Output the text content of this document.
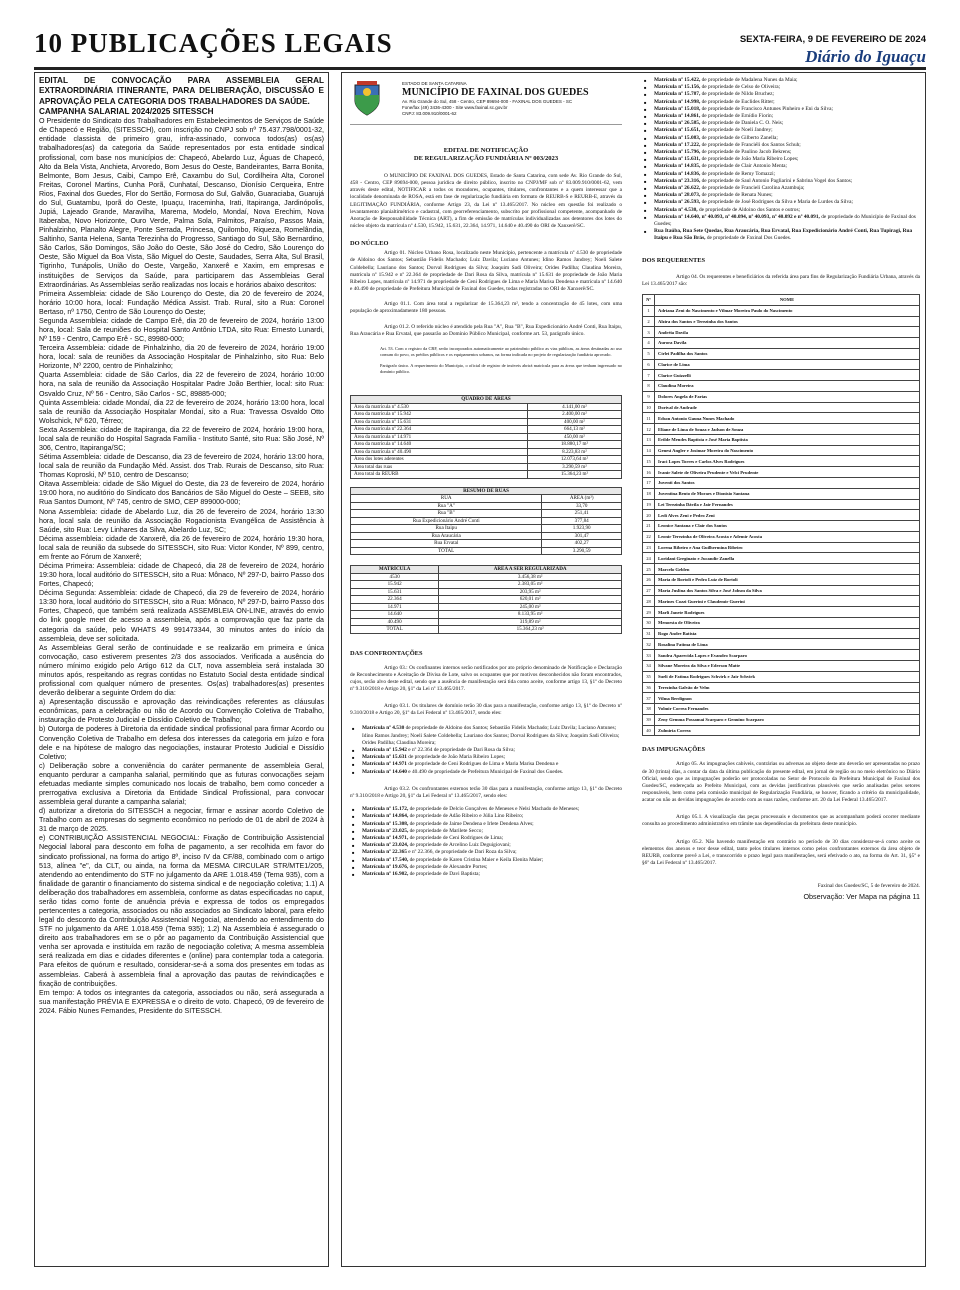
10 PUBLICAÇÕES LEGAIS	SEXTA-FEIRA, 9 DE FEVEREIRO DE 2024
Diário do Iguaçu
EDITAL DE CONVOCAÇÃO PARA ASSEMBLEIA GERAL EXTRAORDINÁRIA ITINERANTE, PARA DELIBERAÇÃO, DISCUSSÃO E APROVAÇÃO PELA CATEGORIA DOS TRABALHADORES DA SAÚDE.
CAMPANHA SALARIAL 2024/2025 SITESSCH

O Presidente do Sindicato dos Trabalhadores em Estabelecimentos de Serviços de Saúde de Chapecó e Região, (SITESSCH), com inscrição no CNPJ sob nº 75.437.798/0001-32, entidade classista de primeiro grau, infra-assinado, convoca todos(as) os(as) trabalhadores(as) da categoria da Saúde representados por esta entidade sindical profissional, com base nos municípios de: Chapecó, Abelardo Luz, Águas de Chapecó, Alto da Bela Vista, Anchieta, Arvoredo, Bom Jesus do Oeste, Bandeirantes, Barra Bonita, Belmonte, Bom Jesus, Caibi, Campo Erê, Caxambu do Sul, Cordilheira Alta, Coronel Freitas, Coronel Martins, Cunha Porã, Cunhataí, Descanso, Dionísio Cerqueira, Entre Rios, Faxinal dos Guedes, Flor do Sertão, Formosa do Sul, Galvão, Guaraciaba, Guarujá do Sul, Guatambu, Iporã do Oeste, Ipuaçu, Iraceminha, Irati, Itapiranga, Jardinópolis, Jupiá, Lajeado Grande, Maravilha, Marema, Modelo, Mondaí, Nova Erechim, Nova Itaberaba, Novo Horizonte, Ouro Verde, Palma Sola, Palmitos, Paraíso, Passos Maia, Pinhalzinho, Planalto Alegre, Ponte Serrada, Princesa, Quilombo, Riqueza, Romelândia, Saltinho, Santa Helena, Santa Terezinha do Progresso, Santiago do Sul, São Bernardino, São Carlos, São Domingos, São João do Oeste, São José do Cedro, São Lourenço do Oeste, São Miguel da Boa Vista, São Miguel do Oeste, Saudades, Serra Alta, Sul Brasil, Tigrinho, Tunápolis, União do Oeste, Vargeão, Xanxerê e Xaxim, em empresas e instituições de Serviços da Saúde, para participarem das Assembleias Geral Extraordinárias. As Assembleias serão realizadas nos locais e horários abaixo descritos:

Primeira Assembleia: cidade de São Lourenço do Oeste, dia 20 de fevereiro de 2024, horário 10:00 hora, local: Fundação Médica Assist. Trab. Rural, sito a Rua: Coronel Bertaso, nº 1750, Centro de São Lourenço do Oeste;

Segunda Assembleia: cidade de Campo Erê, dia 20 de fevereiro de 2024, horário 13:00 hora, local: Sala de reuniões do Hospital Santo Antônio LTDA, sito Rua: Ernesto Lunardi, Nº 159 - Centro, Campo Erê - SC, 89980-000;

Terceira Assembleia: cidade de Pinhalzinho, dia 20 de fevereiro de 2024, horário 19:00 hora, local: sala de reuniões da Associação Hospitalar de Pinhalzinho, sito Rua: Belo Horizonte, Nº 2200, centro de Pinhalzinho;

Quarta Assembleia: cidade de São Carlos, dia 22 de fevereiro de 2024, horário 10:00 hora, na sala de reunião da Associação Hospitalar Padre João Berthier, local: sito Rua: Osvaldo Cruz, Nº 56 - Centro, São Carlos - SC, 89885-000;

Quinta Assembleia: cidade Mondaí, dia 22 de fevereiro de 2024, horário 13:00 hora, local sala de reunião da Associação Hospitalar Mondaí, sito a Rua: Travessa Osvaldo Otto Wolschick, Nº 620, Térreo;

Sexta Assembleia: cidade de Itapiranga, dia 22 de fevereiro de 2024, horário 19:00 hora, local sala de reunião do Hospital Sagrada Família - Instituto Santé, sito Rua: São José, Nº 306, Centro, Itapiranga/SC;

Sétima Assembleia: cidade de Descanso, dia 23 de fevereiro de 2024, horário 13:00 hora, local sala de reunião da Fundação Méd. Assist. dos Trab. Rurais de Descanso, sito Rua: Thomas Koproski, Nº 510, centro de Descanso;

Oitava Assembleia: cidade de São Miguel do Oeste, dia 23 de fevereiro de 2024, horário 19:00 hora, no auditório do Sindicato dos Bancários de São Miguel do Oeste – SEEB, sito Rua Santos Dumont, Nº 745, centro de SMO, CEP 899000-000;

Nona Assembleia: cidade de Abelardo Luz, dia 26 de fevereiro de 2024, horário 13:30 hora, local sala de reunião da Associação Rogacionista Evangélica de Assistência à Saúde, sito Rua: Levy Linhares da Silva, Abelardo Luz, SC;

Décima assembleia: cidade de Xanxerê, dia 26 de fevereiro de 2024, horário 19:30 hora, local sala de reunião da subsede do SITESSCH, sito Rua: Victor Konder, Nº 899, centro, em frente ao Fórum de Xanxerê;

Décima Primeira: Assembleia: cidade de Chapecó, dia 28 de fevereiro de 2024, horário 19:30 hora, local auditório do SITESSCH, sito a Rua: Mônaco, Nº 297-D, bairro Passo dos Fortes, Chapecó;

Décima Segunda: Assembleia: cidade de Chapecó, dia 29 de fevereiro de 2024, horário 13:30 hora, local auditório do SITESSCH, sito a Rua: Mônaco, Nº 297-D, bairro Passo dos Fortes, Chapecó, que também será realizada ASSEMBLEIA ON-LINE, através do envio do link google meet de acesso a assembleia, após a comprovação que faz parte da categoria da saúde, pelo WHATS 49 991473344, 30 minutos antes do início da assembleia, deve ser solicitada.

As Assembleias Geral serão de continuidade e se realizarão em primeira e única convocação, caso estiverem presentes 2/3 dos associados. Verificada a ausência do número mínimo exigido pelo Artigo 612 da CLT, nova assembleia será instalada 30 minutos após, respeitando as regras contidas no Estatuto Social desta entidade sindical profissional com qualquer número de presentes. Os(as) trabalhadores(as) presentes deverão deliberar a seguinte Ordem do dia:

a) Apresentação discussão e aprovação das reivindicações referentes as cláusulas econômicas, para a celebração ou não de Acordo ou Convenção Coletiva de Trabalho, instauração de Protesto Judicial e Dissídio Coletivo de Trabalho;

b) Outorga de poderes à Diretoria da entidade sindical profissional para firmar Acordo ou Convenção Coletiva de Trabalho em defesa dos interesses da categoria em juízo e fora dele e na hipótese de malogro das negociações, instaurar Protesto Judicial e Dissídio Coletivo;

c) Deliberação sobre a conveniência do caráter permanente de assembleia Geral, enquanto perdurar a campanha salarial, permitindo que as futuras convocações sejam efetuadas mediante simples comunicado nos locais de trabalho, bem como conceder a prerrogativa exclusiva a Diretoria da Entidade Sindical Profissional, para convocar assembleia geral durante a campanha salarial;

d) autorizar a diretoria do SITESSCH a negociar, firmar e assinar acordo Coletivo de Trabalho com as empresas do segmento econômico no período de 01 de abril de 2024 à 31 de março de 2025.

e) CONTRIBUIÇÃO ASSISTENCIAL NEGOCIAL: Fixação de Contribuição Assistencial Negocial laboral para desconto em folha de pagamento, a ser recolhida em favor do sindicato profissional, na forma do artigo 8º, inciso IV da CF/88, combinado com o artigo 513, alínea "e", da CLT, ou ainda, na forma da MESMA CIRCULAR STR/MTE1/205, atendendo ao entendimento do STF no julgamento da ARE 1.018.459 (Tema 935), com a finalidade de garantir o financiamento do sistema sindical e de negociação coletiva; 1.1) A deliberação dos trabalhadores em assembleia, conforme as datas especificadas no caput, serão tidas como fonte de anuência prévia e expressa de todos os empregados pertencentes a categoria, associados ou não associados ao Sindicato laboral, para efeito legal do desconto da Contribuição Assistencial Negocial, atendendo ao entendimento do STF no julgamento da ARE 1.018.459 (Tema 935); 1.2) Na Assembleia é assegurado o direito aos trabalhadores em se o pôr ao pagamento da Contribuição Assistencial que venha ser aprovada e instituída em razão de negociação coletiva; A mesma assembleia será realizada em dias e cidades diferentes e (online) para contemplar toda a categoria. Para efeitos de quórum e resultado, considerar-se-á a soma dos presentes em todas as assembleias. Caberá à assembleia final a aprovação das pautas de reivindicações e fixação de contribuições.

Em tempo: A todos os integrantes da categoria, associados ou não, será assegurada a sua manifestação PRÉVIA E EXPRESSA e o direito de voto. Chapecó, 09 de fevereiro de 2024. Fábio Nunes Fernandes, Presidente do SITESSCH.

ESTADO DE SANTA CATARINA
MUNICÍPIO DE FAXINAL DOS GUEDES
Av. Rio Grande do Sul, 458 - Centro, CEP 89694-000 - FAXINAL DOS GUEDES - SC
Fone/fax (49) 3436-4300 - Site www.faxinal.sc.gov.br
CNPJ: 83.009.910/0001-62
EDITAL DE NOTIFICAÇÃO
DE REGULARIZAÇÃO FUNDIÁRIA Nº 003/2023

O MUNICÍPIO DE FAXINAL DOS GUEDES, Estado de Santa Catarina, com sede Av. Rio Grande do Sul, 458 - Centro, CEP 89694-000, pessoa jurídica de direito público, inscrito no CNPJ/MF sob nº 83.009.910/0001-62, vem através deste edital, NOTIFICAR a todos os moradores, ocupantes, titulares, confrontantes e a quem interessar que a localidade denominada de ROSA, está em fase de regularização fundiária em formato de REURB-S e REURB-E, através da LEGITIMAÇÃO FUNDIÁRIA, conforme Artigo 23, da Lei nº 13.465/2017. No núcleo em questão foi realizado o levantamento planialtimétrico e cadastral, com georreferenciamento, subscrito por profissional competente, acompanhado de Anotação de Responsabilidade Técnica (ART), a fim de emissão de matrículas individualizadas aos detentores dos lotes do núcleo objeto da matrícula nº 4.530, 15.942, 15.631, 22.364, 14.971, 14.640 e 40.490 do ORI de Xanxerê/SC.

DO NÚCLEO

Artigo 01. Núcleo Urbano Rosa, localizado neste Município, pertencente a matrícula nº 4.530 de propriedade de Aldoino dos Santos; Sebastião Fidelis Machado; Luiz Davila; Luciano Antunes; Idino Ramos Jandrey; Noeli Salete Coldebella; Lauriano dos Santos; Dorval Rodrigues da Silva; Joaquim Sadi Oliveira; Orides Padilha; Claudina Moreira, matrícula nº 15.942 e nº 22.364 de propriedade de Dari Rosa da Silva, matrícula nº 15.631 de propriedade de João Maria Ribeiro Lopes, matrícula nº 14.971 de propriedade de Ceni Rodrigues de Lima e Maria Marisa Dendena e matrícula nº 14.640 e 40.490 de propriedade de Prefeitura Municipal de Faxinal dos Guedes, todas registradas no ORI de Xanxerê/SC.

Artigo 01.1. Com área total a regularizar de 15.364,23 m², tendo a concentração de 45 lotes, com uma população de aproximadamente 180 pessoas.

Artigo 01.2. O referido núcleo é atendido pela Rua "A", Rua "B", Rua Expedicionário André Conti, Rua Itaipu, Rua Araucária e Rua Ervatal, que passarão ao Domínio Público Municipal, conforme art. 53, parágrafo único.

Art. 53. Com o registro da CRF, serão incorporados automaticamente ao patrimônio público as vias públicas, as áreas destinadas ao uso comum do povo, os prédios públicos e os equipamentos urbanos, na forma indicada no projeto de regularização fundiária aprovado.

Parágrafo único. A requerimento do Município, o oficial de registro de imóveis abrirá matrícula para as áreas que tenham ingressado no domínio público.

QUADRO DE ÁREAS	
Área da matrícula nº 4.530	4.141,00 m²
Área da matrícula nº 15.942	2.400,00 m²
Área da matrícula nº 15.631	400,00 m²
Área da matrícula nº 22.364	664,13 m²
Área da matrícula nº 14.971	450,00 m²
Área da matrícula nº 14.640	18.880,17 m²
Área da matrícula nº 40.490	8.223,83 m²
Área dos lotes aderentes	12.073,64 m²
Área total das ruas	3.290,59 m²
Área total da REURB	15.364,23 m²
RESUMO DE RUAS	
RUA	ÁREA (m²)
Rua "A"	33,70
Rua "B"	251,41
Rua Expedicionário André Conti	377,84
Rua Itaipu	1.923,90
Rua Araucária	301,47
Rua Ervatal	402,27
TOTAL	3.290,59
MATRÍCULA	ÁREA A SER REGULARIZADA
4530	3.456,38 m²
15.942	2.383,05 m²
15.631	203,95 m²
22.364	620,01 m²
14.971	245,00 m²
14.640	8.133,95 m²
40.490	319,89 m²
TOTAL	15.364,23 m²
DAS CONFRONTAÇÕES

Artigo 03.: Os confinantes internos serão notificados por ato próprio denominado de Notificação e Declaração de Reconhecimento e Aceitação de Divisa de Lote, salvo os ocupantes que por motivos desconhecidos não foram encontrados, cujos, serão alvo deste edital, sendo que a ausência de manifestação será tida como aceite, conforme artigo 13, §1º do Decreto nº 9.310/2018 e Artigo 20, §1º da Lei nº 13.465/2017.

Artigo 03.1. Os titulares de domínio terão 30 dias para a manifestação, conforme artigo 13, §1º do Decreto nº 9.310/2018 e Artigo 20, §1º da Lei Federal nº 13.465/2017, sendo eles:

■ Matrícula nº 4.530 de propriedade de Aldoino dos Santos; Sebastião Fidelis Machado; Luiz Davila; Luciano Antunes; Idino Ramos Jandrey; Noeli Salete Coldebella; Lauriano dos Santos; Dorval Rodrigues da Silva; Joaquim Sadi Oliveira; Orides Padilha; Claudina Moreira;
■ Matrícula nº 15.942 e nº 22.364 de propriedade de Dari Rosa da Silva;
■ Matrícula nº 15.631 de propriedade de João Maria Ribeiro Lopes;
■ Matrícula nº 14.971 de propriedade de Ceni Rodrigues de Lima e Maria Marisa Dendena e
■ Matrícula nº 14.640 e 40.490 de propriedade de Prefeitura Municipal de Faxinal dos Guedes.

Artigo 03.2. Os confrontantes externos terão 30 dias para a manifestação, conforme artigo 13, §1º do Decreto nº 9.310/2018 e Artigo 20, §1º da Lei Federal nº 13.465/2017, sendo eles:

■ Matrícula nº 15.172, de propriedade de Delcio Gonçalves de Meneses e Nelsi Machado de Meneses;
■ Matrícula nº 14.864, de propriedade de Adão Ribeiro e Júlia Lino Ribeiro;
■ Matrícula nº 15.308, de propriedade de Jaime Dendena e Irlete Dendena Alves;
■ Matrícula nº 23.025, de propriedade de Marilete Secco;
■ Matrícula nº 14.971, de propriedade de Ceni Rodrigues de Lima;
■ Matrícula nº 23.024, de propriedade de Arcelino Luiz Deguigiovani;
■ Matrícula nº 22.365 e nº 22.366, de propriedade de Dari Roza da Silva;
■ Matrícula nº 17.540, de propriedade de Karen Cristina Maier e Keila Elenita Maier;
■ Matrícula nº 19.676, de propriedade de Alexandre Portes;
■ Matrícula nº 16.902, de propriedade de Davi Baptista;
■ Matrícula nº 15.422, de propriedade de Madalena Nunes da Maia;
■ Matrícula nº 15.156, de propriedade de Celso de Oliveira;
■ Matrícula nº 15.787, de propriedade de Nildo Bruchez;
■ Matrícula nº 14.998, de propriedade de Euclides Ritter;
■ Matrícula nº 15.018, de propriedade de Francisco Antunes Pinheiro e Eni da Silva;
■ Matrícula nº 14.861, de propriedade de Ernídio Fiorin;
■ Matrícula nº 26.585, de propriedade de Daniela C. O. Neis;
■ Matrícula nº 15.651, de propriedade de Noeli Jandrey;
■ Matrícula nº 15.083, de propriedade de Gilberto Zanella;
■ Matrícula nº 17.222, de propriedade de Franciéli dos Santos Schuh;
■ Matrícula nº 15.796, de propriedade de Paulino Jacob Bekrens;
■ Matrícula nº 15.631, de propriedade de João Maria Ribeiro Lopes;
■ Matrícula nº 14.835, de propriedade de Clair Antonio Menta;
■ Matrícula nº 14.836, de propriedade de Remy Tomazzi;
■ Matrícula nº 23.316, de propriedade de Saul Antonio Pagliarini e Sabrina Vogel dos Santos;
■ Matrícula nº 26.622, de propriedade de Francieli Carolina Azambuja;
■ Matrícula nº 28.073, de propriedade de Renata Nunes;
■ Matrícula nº 26.593, de propriedade de José Rodrigues da Silva e Maria de Lurdes da Silva;
■ Matrícula nº 4.530, de propriedade de Aldoino dos Santos e outros;
■ Matrícula nº 14.640, nº 40.093, nº 40.094, nº 40.093, nº 40.092 e nº 40.091, de propriedade do Município de Faxinal dos Guedes;
■ Rua Itaúba, Rua Sete Quedas, Rua Araucária, Rua Ervatal, Rua Expedicionário André Conti, Rua Tupiragi, Rua Itaipu e Rua São Brás, de propriedade de Faxinal Dos Guedes.
DOS REQUERENTES

Artigo 04. Os requerentes e beneficiários da referida área para fins de Regularização Fundiária Urbana, através da Lei 13.465/2017 são:

Nº	NOME
1	Adriana Zeni do Nascimento e Vilmar Moreira Paulo do Nascimento
2	Alzira dos Santos e Terezinha dos Santos
3	Andréia Davila
4	Aurora Davila
5	Cirlei Padilha dos Santos
6	Clarice de Lima
7	Clarice Guizzelli
8	Claudina Moreira
9	Dolores Angela de Farias
10	Dorival de Andrade
11	Edson Antonio Gauna Nunes Machado
12	Eliane de Lima de Souza e Jadson de Souza
13	Erilde Mendes Baptista e José Maria Baptista
14	Genesi Angler e Josimar Moreira do Nascimento
15	Iraci Lopes Torres e Carlos Alves Rodrigues
16	Ivanir Salete de Oliveira Prudente e Velci Prudente
17	Juventi dos Santos
18	Juventina Bento de Moraes e Dionisio Santana
19	Lei Terezinha Dávila e Jair Fernandes
20	Ledi Alves Zeni e Pedro Zeni
21	Leonice Santana e Clair dos Santos
22	Leonir Terezinha de Oliveira Acosta e Ademir Acosta
23	Lorena Ribeiro e Ana Guilhermina Ribeiro
24	Loridani Greginato e Jucandir Zanella
25	Marcelo Geblen
26	Maria de Bortoli e Pedro Luiz de Bortoli
27	Maria Juslina dos Santos Silva e José Jobsm da Silva
28	Marines Cozzi Guerini e Claudemir Guerini
29	Marli Janete Rodrigues
30	Menoesta de Oliveira
31	Rogo Andre Batista
32	Rosalina Fatima de Lima
33	Sandra Aparecida Lopes e Evandro Scarparo
34	Silvane Moreira da Silva e Ederson Matte
35	Sueli de Fatima Rodrigues Schvirk e Jair Schvirk
36	Terezinha Galvão de Velm
37	Vilma Berdignon
38	Volmir Correa Fernandes
39	Zeny Gemma Possamai Scarparo e Genuino Scarparo
40	Zulmiria Correa
DAS IMPUGNAÇÕES

Artigo 05. As impugnações cabíveis, contrárias ou adversas ao objeto deste ato deverão ser apresentadas no prazo de 30 (trinta) dias, a contar da data da última publicação do presente edital, em jornal de região ou no meio eletrônico no Diário Oficial, sendo que as impugnações poderão ser protocoladas no Setor de Protocolo da Prefeitura Municipal de Faxinal dos Guedes/SC, endereçada ao Prefeito Municipal, com as devidas justificativas plausíveis que serão analisadas pelos setores responsáveis, bem como pela comissão municipal de Regularização Fundiária, se houver, ficando a critério da municipalidade, acatar ou não as devidas impugnações de acordo com as suas razões, conforme art. 20 da Lei Federal 13.465/2017.

Artigo 05.1. A visualização das peças processuais e documentos que as acompanham poderá ocorrer mediante consulta ao procedimento administrativo em trâmite nas dependências da prefeitura deste município.

Artigo 05.2. Não havendo manifestação em contrário no período de 30 dias considerar-se-á como aceite os elementos dos anexos e teor desse edital, tanto pelos titulares internos como pelos confrontantes externos da área objeto de REURB, conforme prevê a Lei, e transcorrido o prazo legal para manifestações, será efetivado o ato, na forma do Art. 31, §5º e §6º da Lei Federal nº 13.465/2017.

Faxinal dos Guedes/SC, 5 de fevereiro de 2024.

Observação: Ver Mapa na página 11
